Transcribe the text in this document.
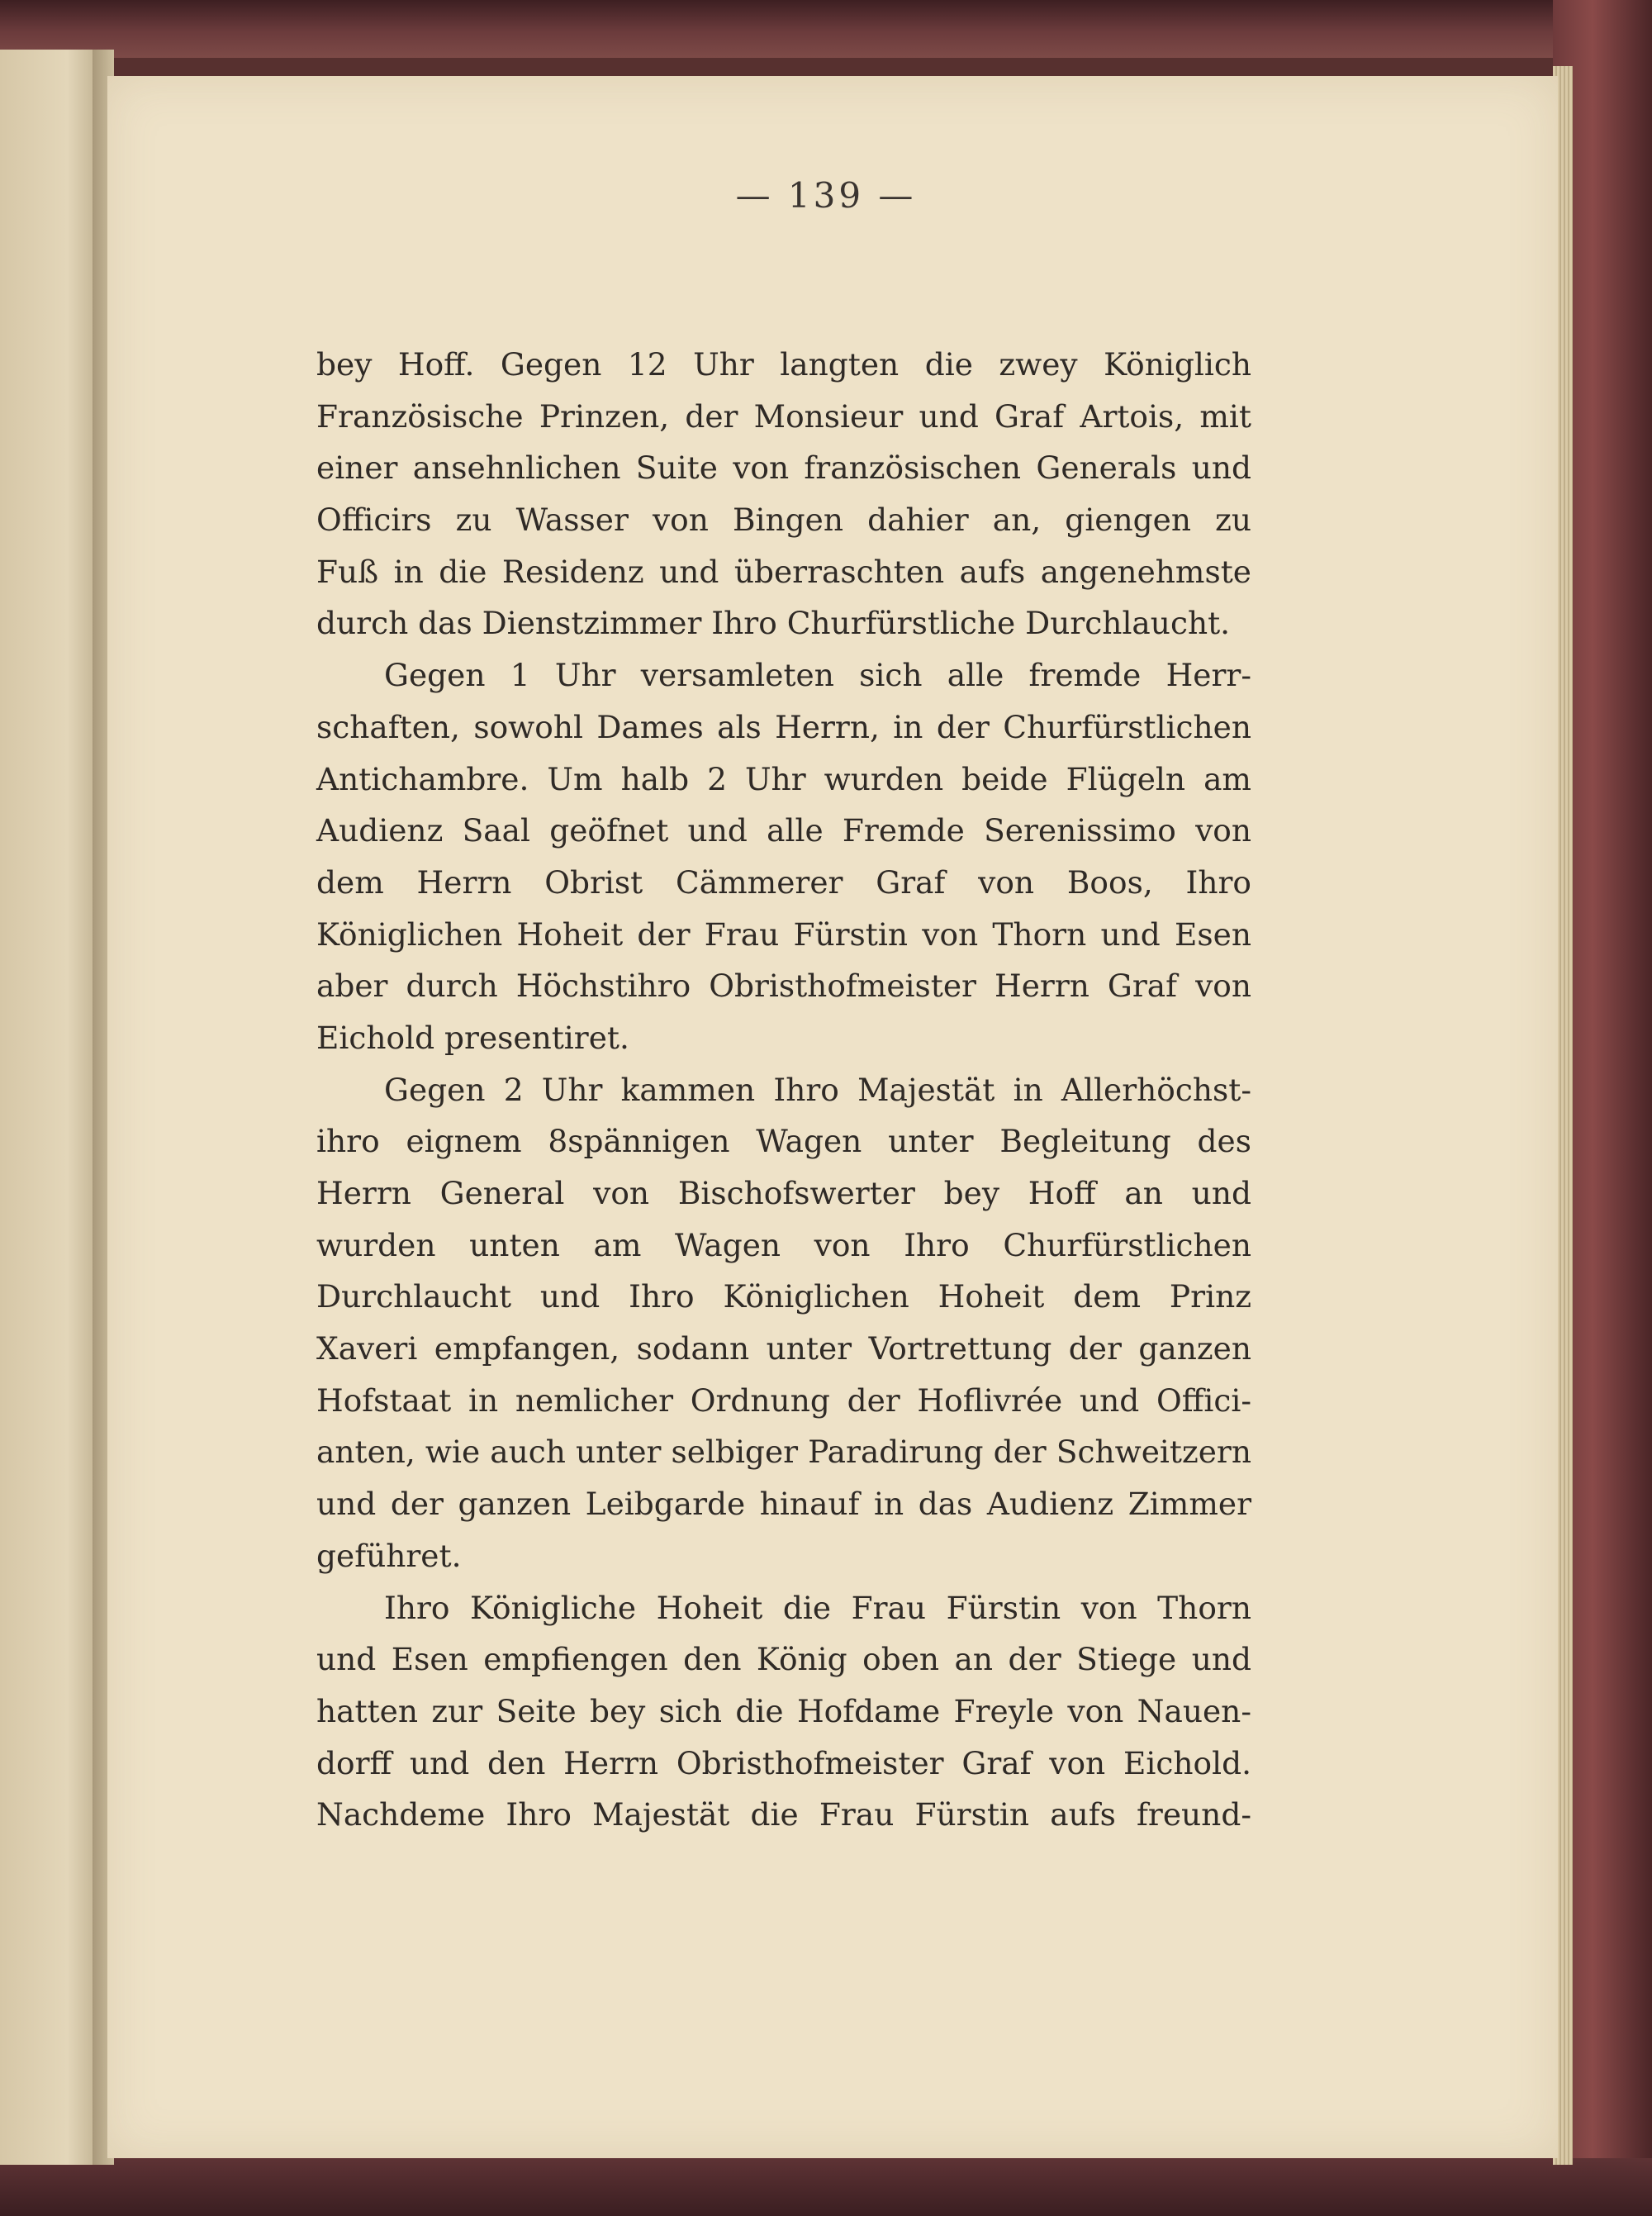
— 139 —
bey Hoff. Gegen 12 Uhr langten die zwey Königlich
Französische Prinzen, der Monsieur und Graf Artois, mit
einer ansehnlichen Suite von französischen Generals und
Officirs zu Wasser von Bingen dahier an, giengen zu
Fuß in die Residenz und überraschten aufs angenehmste
durch das Dienstzimmer Ihro Churfürstliche Durchlaucht.
Gegen 1 Uhr versamleten sich alle fremde Herr-
schaften, sowohl Dames als Herrn, in der Churfürstlichen
Antichambre. Um halb 2 Uhr wurden beide Flügeln am
Audienz Saal geöfnet und alle Fremde Serenissimo von
dem Herrn Obrist Cämmerer Graf von Boos, Ihro
Königlichen Hoheit der Frau Fürstin von Thorn und Esen
aber durch Höchstihro Obristhofmeister Herrn Graf von
Eichold presentiret.
Gegen 2 Uhr kammen Ihro Majestät in Allerhöchst-
ihro eignem 8spännigen Wagen unter Begleitung des
Herrn General von Bischofswerter bey Hoff an und
wurden unten am Wagen von Ihro Churfürstlichen
Durchlaucht und Ihro Königlichen Hoheit dem Prinz
Xaveri empfangen, sodann unter Vortrettung der ganzen
Hofstaat in nemlicher Ordnung der Hoflivrée und Offici-
anten, wie auch unter selbiger Paradirung der Schweitzern
und der ganzen Leibgarde hinauf in das Audienz Zimmer
geführet.
Ihro Königliche Hoheit die Frau Fürstin von Thorn
und Esen empfiengen den König oben an der Stiege und
hatten zur Seite bey sich die Hofdame Freyle von Nauen-
dorff und den Herrn Obristhofmeister Graf von Eichold.
Nachdeme Ihro Majestät die Frau Fürstin aufs freund-
